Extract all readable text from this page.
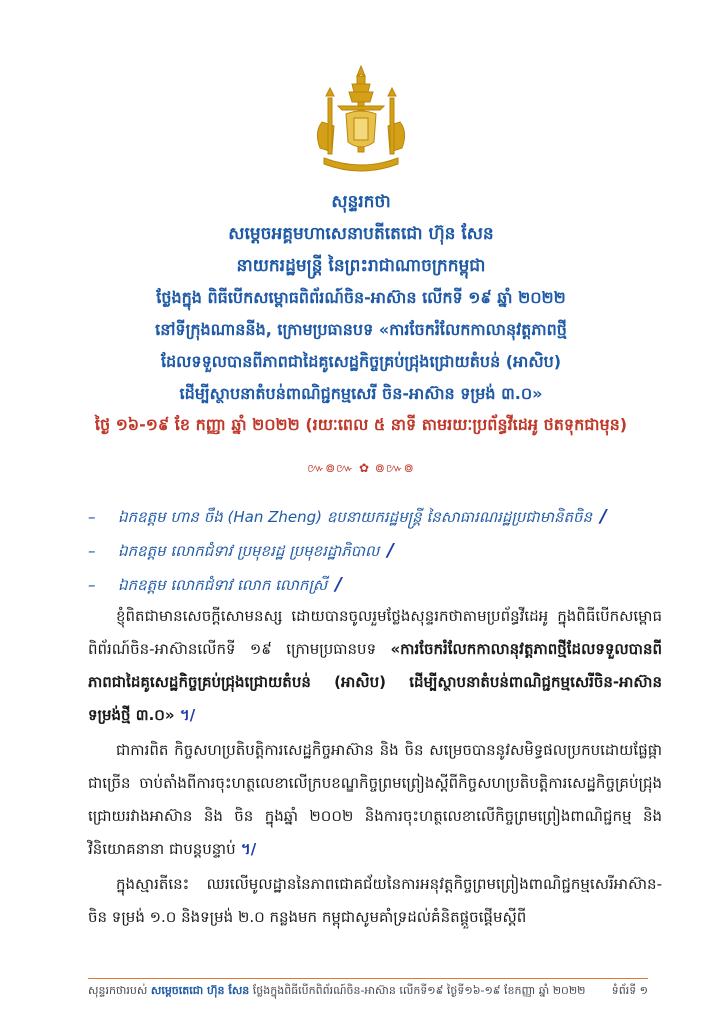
សុន្ទរកថា
សម្តេចអគ្គមហាសេនាបតីតេជោ ហ៊ុន សែន
នាយករដ្ឋមន្ត្រី នៃព្រះរាជាណាចក្រកម្ពុជា
ថ្លែងក្នុង ពិធីបើកសម្ពោធពិព័រណ៍ចិន-អាស៊ាន លើកទី ១៩ ឆ្នាំ ២០២២
នៅទីក្រុងណាននីង, ក្រោមប្រធានបទ «ការចែករំលែកកាលានុវត្តភាពថ្មី
ដែលទទួលបានពីភាពជាដៃគូសេដ្ឋកិច្ចគ្រប់ជ្រុងជ្រោយតំបន់ (អាសិប)
ដើម្បីស្ថាបនាតំបន់ពាណិជ្ជកម្មសេរី ចិន-អាស៊ាន ទម្រង់ ៣.០»
ថ្ងៃ ១៦-១៩ ខែ កញ្ញា ឆ្នាំ ២០២២ (រយៈពេល ៥ នាទី តាមរយៈប្រព័ន្ធវីដេអូ ថតទុកជាមុន)
៚៙៚ ✿ ៙៚៙
–	ឯកឧត្តម ហាន ចឹង (Han Zheng) ឧបនាយករដ្ឋមន្ត្រី នៃសាធារណរដ្ឋប្រជាមានិតចិន /
–	ឯកឧត្តម លោកជំទាវ ប្រមុខរដ្ឋ ប្រមុខរដ្ឋាភិបាល /
–	ឯកឧត្តម លោកជំទាវ លោក លោកស្រី /

ខ្ញុំពិតជាមានសេចក្តីសោមនស្ស ដោយបានចូលរួមថ្លែងសុន្ទរកថាតាមប្រព័ន្ធវីដេអូ ក្នុងពិធីបើកសម្ពោធពិព័រណ៍ចិន-អាស៊ានលើកទី ១៩ ក្រោមប្រធានបទ «ការចែករំលែកកាលានុវត្តភាពថ្មីដែលទទួលបានពីភាពជាដៃគូសេដ្ឋកិច្ចគ្រប់ជ្រុងជ្រោយតំបន់ (អាសិប) ដើម្បីស្ថាបនាតំបន់ពាណិជ្ជកម្មសេរីចិន-អាស៊ាន ទម្រង់ថ្មី ៣.០» ។/

ជាការពិត កិច្ចសហប្រតិបត្តិការសេដ្ឋកិច្ចអាស៊ាន និង ចិន សម្រេចបាននូវសមិទ្ធផលប្រកបដោយផ្លែផ្កាជាច្រើន ចាប់តាំងពីការចុះហត្ថលេខាលើក្របខណ្ឌកិច្ចព្រមព្រៀងស្តីពីកិច្ចសហប្រតិបត្តិការសេដ្ឋកិច្ចគ្រប់ជ្រុងជ្រោយរវាងអាស៊ាន និង ចិន ក្នុងឆ្នាំ ២០០២ និងការចុះហត្ថលេខាលើកិច្ចព្រមព្រៀងពាណិជ្ជកម្ម និងវិនិយោគនានា ជាបន្តបន្ទាប់ ។/

ក្នុងស្មារតីនេះ ឈរលើមូលដ្ឋាននៃភាពជោគជ័យនៃការអនុវត្តកិច្ចព្រមព្រៀងពាណិជ្ជកម្មសេរីអាស៊ាន-ចិន ទម្រង់ ១.០ និងទម្រង់ ២.០ កន្លងមក កម្ពុជាសូមគាំទ្រដល់គំនិតផ្តួចផ្តើមស្តីពី

សុន្ទរកថារបស់ សម្តេចតេជោ ហ៊ុន សែន ថ្លែងក្នុងពិធីបើកពិព័រណ៍ចិន-អាស៊ាន លើកទី១៩ ថ្ងៃទី១៦-១៩ ខែកញ្ញា ឆ្នាំ ២០២២ ទំព័រទី ១
